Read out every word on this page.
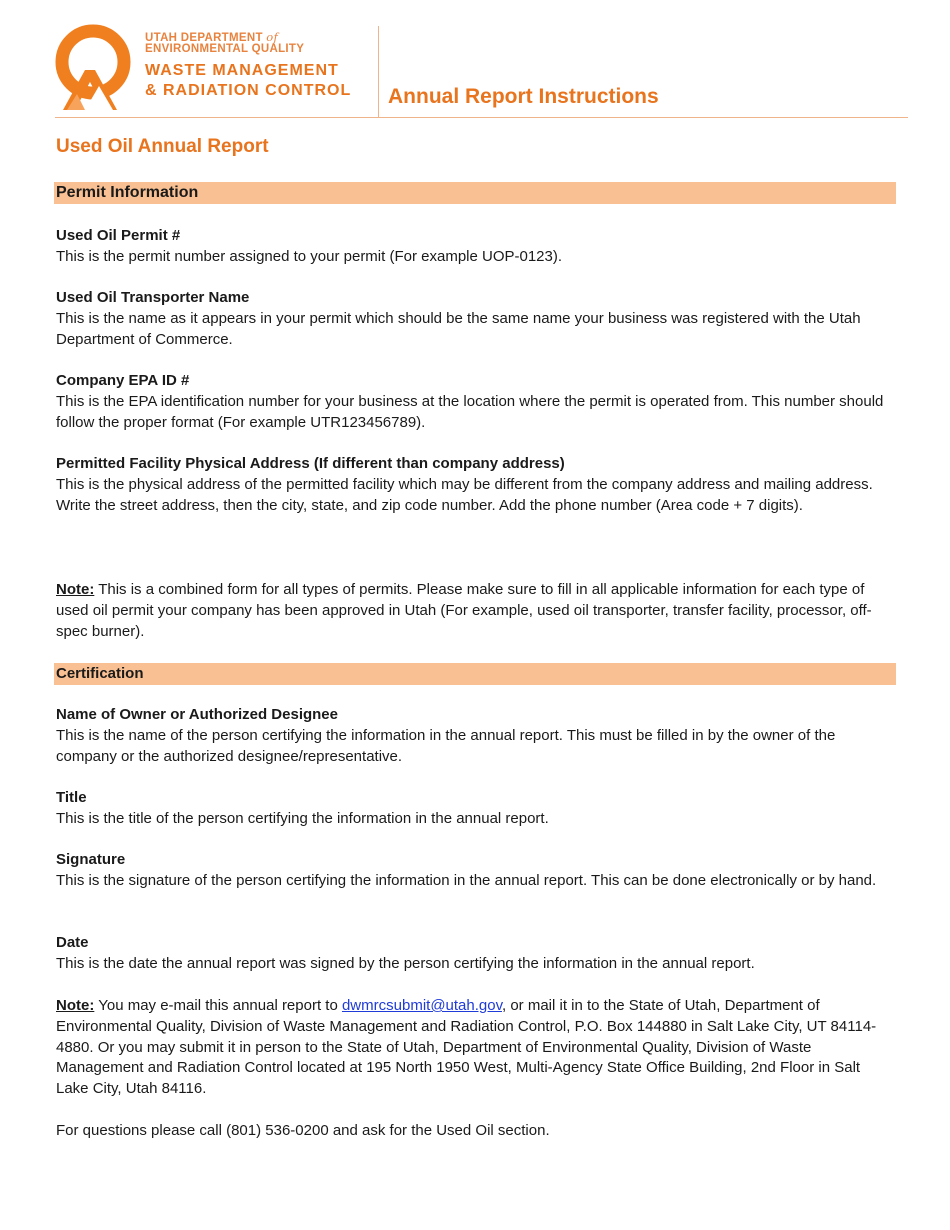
UTAH DEPARTMENT of
ENVIRONMENTAL QUALITY
WASTE MANAGEMENT
& RADIATION CONTROL Annual Report Instructions
Used Oil Annual Report
Permit Information

Used Oil Permit #

This is the permit number assigned to your permit (For example UOP-0123).

Used Oil Transporter Name

This is the name as it appears in your permit which should be the same name your business was registered with the Utah Department of Commerce.

Company EPA ID #

This is the EPA identification number for your business at the location where the permit is operated from. This number should follow the proper format (For example UTR123456789).

Permitted Facility Physical Address (If different than company address)

This is the physical address of the permitted facility which may be different from the company address and mailing address. Write the street address, then the city, state, and zip code number. Add the phone number (Area code + 7 digits).

Note: This is a combined form for all types of permits. Please make sure to fill in all applicable information for each type of used oil permit your company has been approved in Utah (For example, used oil transporter, transfer facility, processor, off-spec burner).

Certification

Name of Owner or Authorized Designee

This is the name of the person certifying the information in the annual report. This must be filled in by the owner of the company or the authorized designee/representative.

Title

This is the title of the person certifying the information in the annual report.

Signature

This is the signature of the person certifying the information in the annual report. This can be done electronically or by hand.

Date

This is the date the annual report was signed by the person certifying the information in the annual report.

Note: You may e-mail this annual report to dwmrcsubmit@utah.gov, or mail it in to the State of Utah, Department of Environmental Quality, Division of Waste Management and Radiation Control, P.O. Box 144880 in Salt Lake City, UT 84114-4880. Or you may submit it in person to the State of Utah, Department of Environmental Quality, Division of Waste Management and Radiation Control located at 195 North 1950 West, Multi-Agency State Office Building, 2nd Floor in Salt Lake City, Utah 84116.

For questions please call (801) 536-0200 and ask for the Used Oil section.
